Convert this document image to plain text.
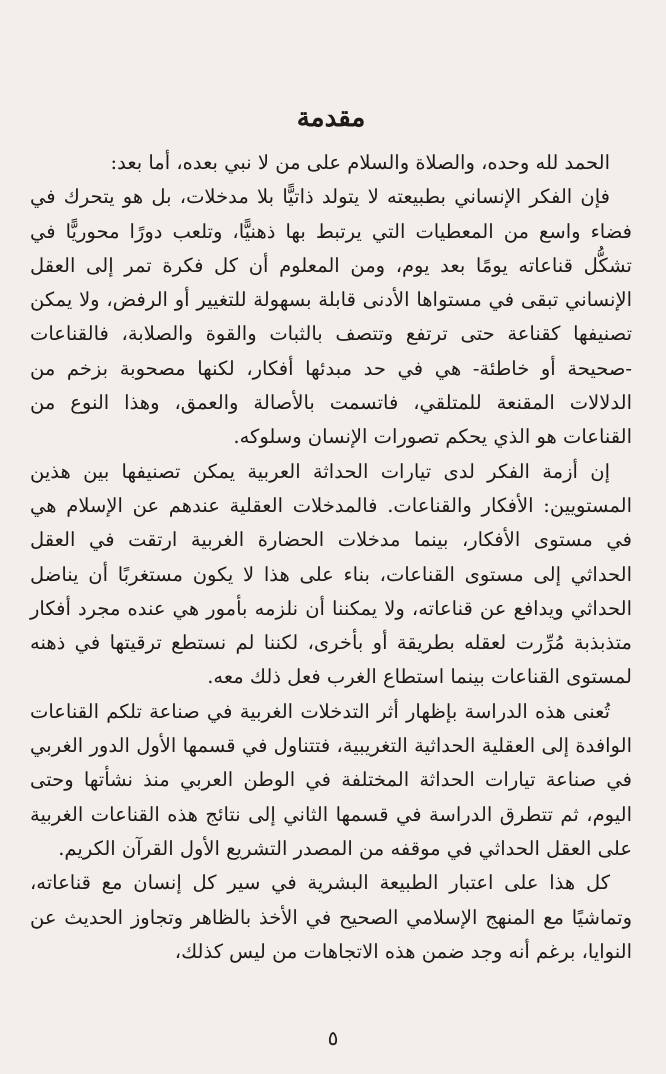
مقدمة

الحمد لله وحده، والصلاة والسلام على من لا نبي بعده، أما بعد:

فإن الفكر الإنساني بطبيعته لا يتولد ذاتيًّا بلا مدخلات، بل هو يتحرك في فضاء واسع من المعطيات التي يرتبط بها ذهنيًّا، وتلعب دورًا محوريًّا في تشكُّل قناعاته يومًا بعد يوم، ومن المعلوم أن كل فكرة تمر إلى العقل الإنساني تبقى في مستواها الأدنى قابلة بسهولة للتغيير أو الرفض، ولا يمكن تصنيفها كقناعة حتى ترتفع وتتصف بالثبات والقوة والصلابة، فالقناعات -صحيحة أو خاطئة- هي في حد مبدئها أفكار، لكنها مصحوبة بزخم من الدلالات المقنعة للمتلقي، فاتسمت بالأصالة والعمق، وهذا النوع من القناعات هو الذي يحكم تصورات الإنسان وسلوكه.

إن أزمة الفكر لدى تيارات الحداثة العربية يمكن تصنيفها بين هذين المستويين: الأفكار والقناعات. فالمدخلات العقلية عندهم عن الإسلام هي في مستوى الأفكار، بينما مدخلات الحضارة الغربية ارتقت في العقل الحداثي إلى مستوى القناعات، بناء على هذا لا يكون مستغربًا أن يناضل الحداثي ويدافع عن قناعاته، ولا يمكننا أن نلزمه بأمور هي عنده مجرد أفكار متذبذبة مُرِّرت لعقله بطريقة أو بأخرى، لكننا لم نستطع ترقيتها في ذهنه لمستوى القناعات بينما استطاع الغرب فعل ذلك معه.

تُعنى هذه الدراسة بإظهار أثر التدخلات الغربية في صناعة تلكم القناعات الوافدة إلى العقلية الحداثية التغريبية، فتتناول في قسمها الأول الدور الغربي في صناعة تيارات الحداثة المختلفة في الوطن العربي منذ نشأتها وحتى اليوم، ثم تتطرق الدراسة في قسمها الثاني إلى نتائج هذه القناعات الغربية على العقل الحداثي في موقفه من المصدر التشريع الأول القرآن الكريم.

كل هذا على اعتبار الطبيعة البشرية في سير كل إنسان مع قناعاته، وتماشيًا مع المنهج الإسلامي الصحيح في الأخذ بالظاهر وتجاوز الحديث عن النوايا، برغم أنه وجد ضمن هذه الاتجاهات من ليس كذلك،

٥
